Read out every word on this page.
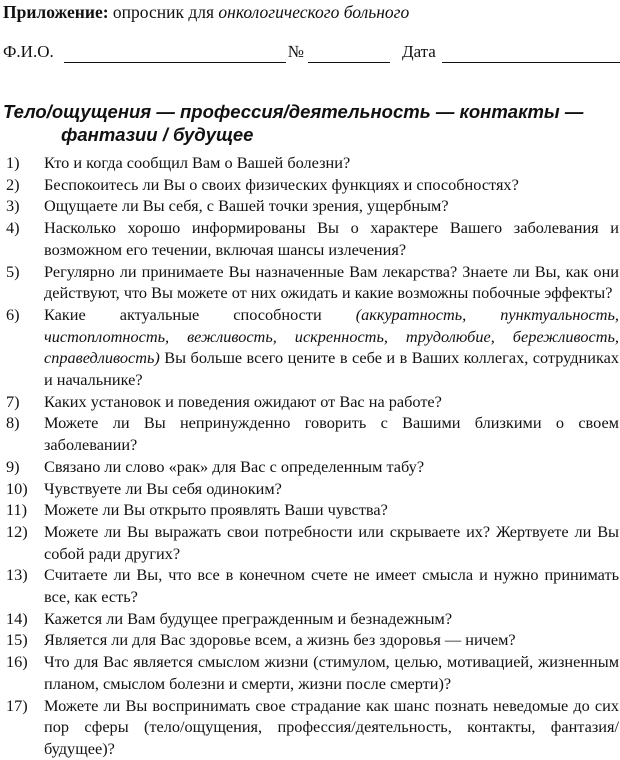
Приложение: опросник для онкологического больного
Ф.И.О.	№	Дата
Тело/ощущения — профессия/деятельность — контакты —
фантазии / будущее
1)	Кто и когда сообщил Вам о Вашей болезни?
2)	Беспокоитесь ли Вы о своих физических функциях и способностях?
3)	Ощущаете ли Вы себя, с Вашей точки зрения, ущербным?
4)	Насколько хорошо информированы Вы о характере Вашего заболевания и возможном его течении, включая шансы излечения?
5)	Регулярно ли принимаете Вы назначенные Вам лекарства? Знаете ли Вы, как они действуют, что Вы можете от них ожидать и какие возможны побочные эффекты?
6)	Какие актуальные способности (аккуратность, пунктуальность, чистоплотность, вежливость, искренность, трудолюбие, бережливость, справедливость) Вы больше всего цените в себе и в Ваших коллегах, сотрудниках и начальнике?
7)	Каких установок и поведения ожидают от Вас на работе?
8)	Можете ли Вы непринужденно говорить с Вашими близкими о своем заболевании?
9)	Связано ли слово «рак» для Вас с определенным табу?
10) Чувствуете ли Вы себя одиноким?
11)	Можете ли Вы открыто проявлять Ваши чувства?
12) Можете ли Вы выражать свои потребности или скрываете их? Жертвуете ли Вы собой ради других?
13) Считаете ли Вы, что все в конечном счете не имеет смысла и нужно принимать все, как есть?
14) Кажется ли Вам будущее прегражденным и безнадежным?
15) Является ли для Вас здоровье всем, а жизнь без здоровья — ничем?
16) Что для Вас является смыслом жизни (стимулом, целью, мотивацией, жизненным планом, смыслом болезни и смерти, жизни после смерти)?
17) Можете ли Вы воспринимать свое страдание как шанс познать неведомые до сих пор сферы (тело/ощущения, профессия/деятельность, контакты, фантазия/будущее)?
